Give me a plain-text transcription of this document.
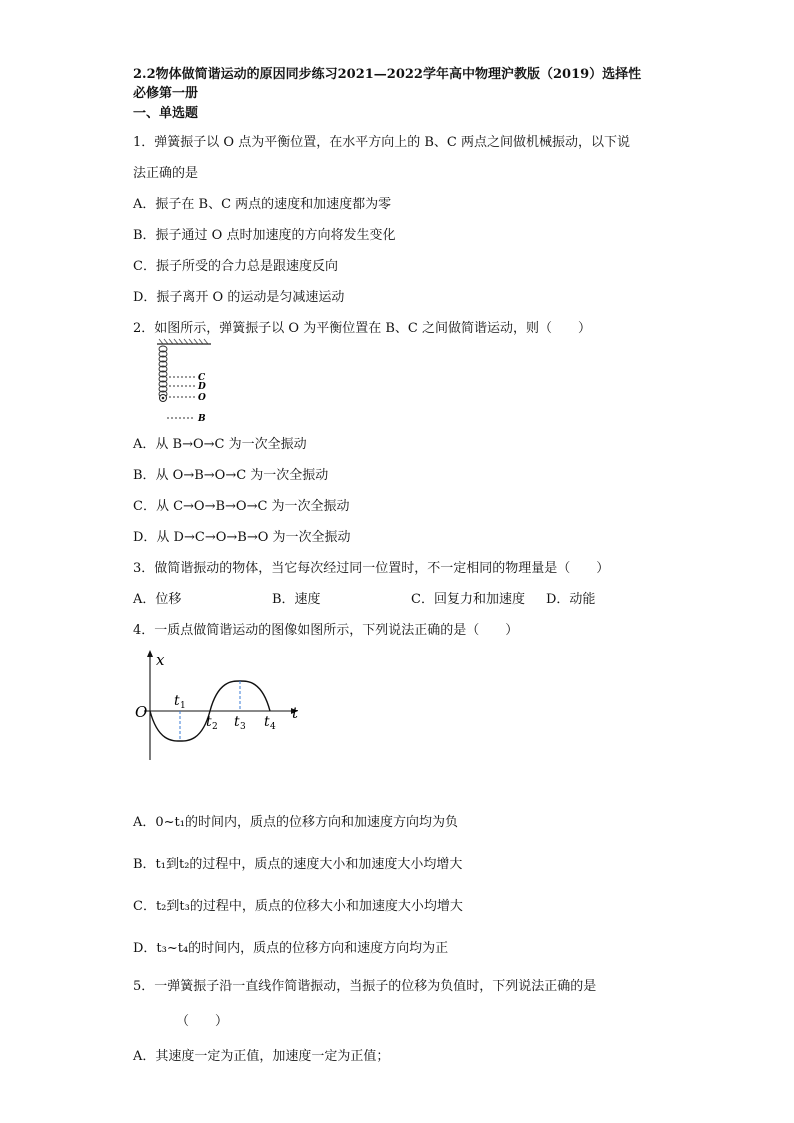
2.2物体做简谐运动的原因同步练习2021—2022学年高中物理沪教版（2019）选择性
必修第一册
一、单选题
1．弹簧振子以 O 点为平衡位置，在水平方向上的 B、C 两点之间做机械振动，以下说
法正确的是
A．振子在 B、C 两点的速度和加速度都为零
B．振子通过 O 点时加速度的方向将发生变化
C．振子所受的合力总是跟速度反向
D．振子离开 O 的运动是匀减速运动
2．如图所示，弹簧振子以 O 为平衡位置在 B、C 之间做简谐运动，则（　　）
C
D
O
B
A．从 B→O→C 为一次全振动
B．从 O→B→O→C 为一次全振动
C．从 C→O→B→O→C 为一次全振动
D．从 D→C→O→B→O 为一次全振动
3．做简谐振动的物体，当它每次经过同一位置时，不一定相同的物理量是（　　）
A．位移	B．速度	C．回复力和加速度 D．动能
4．一质点做简谐运动的图像如图所示，下列说法正确的是（　　）
x
t
O
t 1
t 2 t 3 t 4
A．0~t₁的时间内，质点的位移方向和加速度方向均为负
B．t₁到t₂的过程中，质点的速度大小和加速度大小均增大
C．t₂到t₃的过程中，质点的位移大小和加速度大小均增大
D．t₃~t₄的时间内，质点的位移方向和速度方向均为正
5．一弹簧振子沿一直线作简谐振动，当振子的位移为负值时，下列说法正确的是
（　　）
A．其速度一定为正值，加速度一定为正值；
